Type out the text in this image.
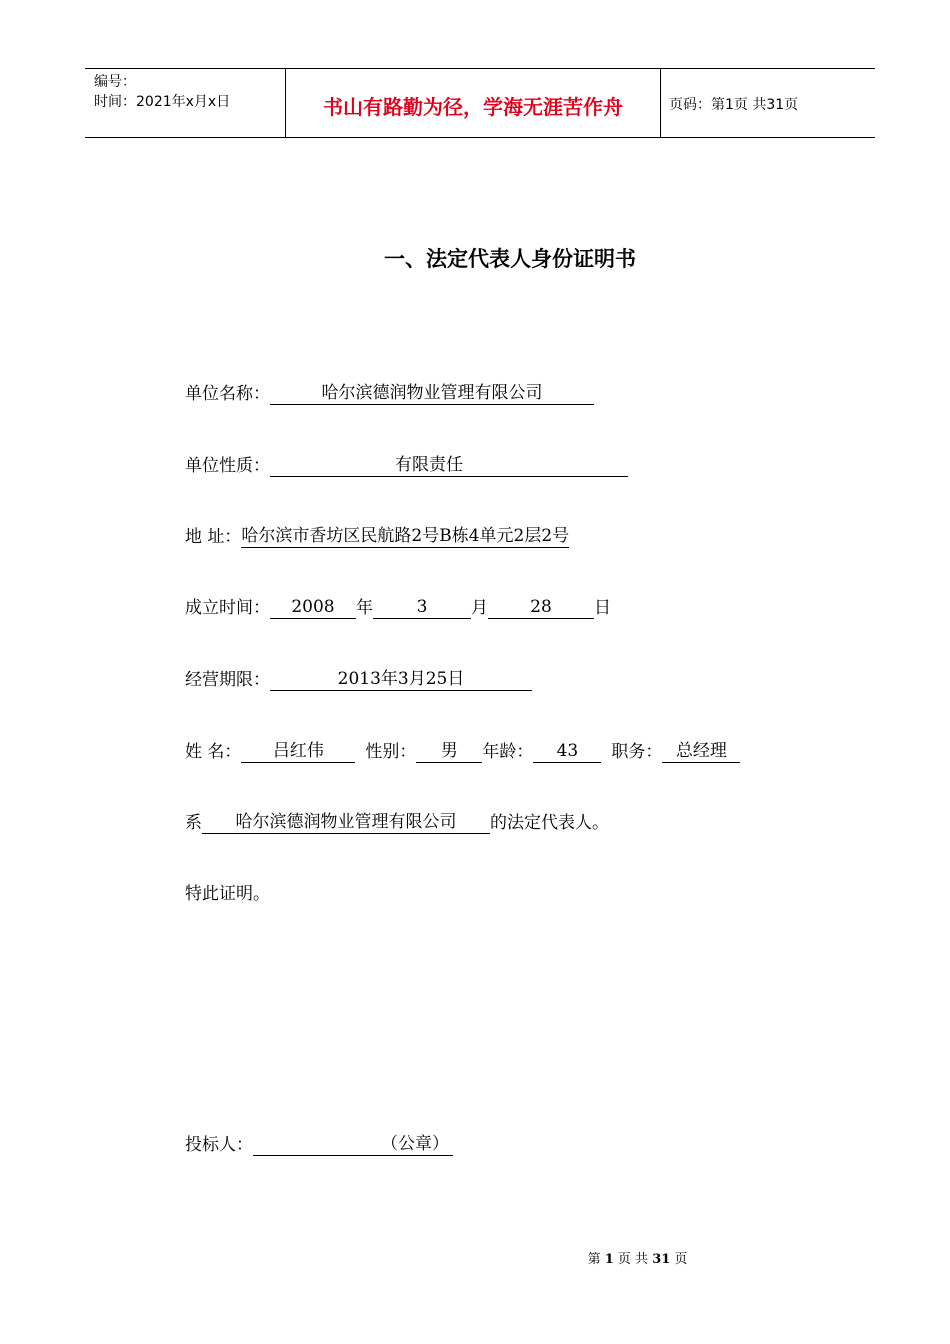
编号：
时间：2021年x月x日	书山有路勤为径，学海无涯苦作舟	页码：第1页 共31页
一、法定代表人身份证明书
单位名称：	哈尔滨德润物业管理有限公司
单位性质：	有限责任
地 址：哈尔滨市香坊区民航路2号B栋4单元2层2号
成立时间： 2008 年	3	月 28 日
经营期限：	2013年3月25日
姓 名： 吕红伟 性别： 男 年龄： 43 职务： 总经理
系 哈尔滨德润物业管理有限公司 的法定代表人。
特此证明。
投标人：	（公章）
第 1 页 共 31 页
